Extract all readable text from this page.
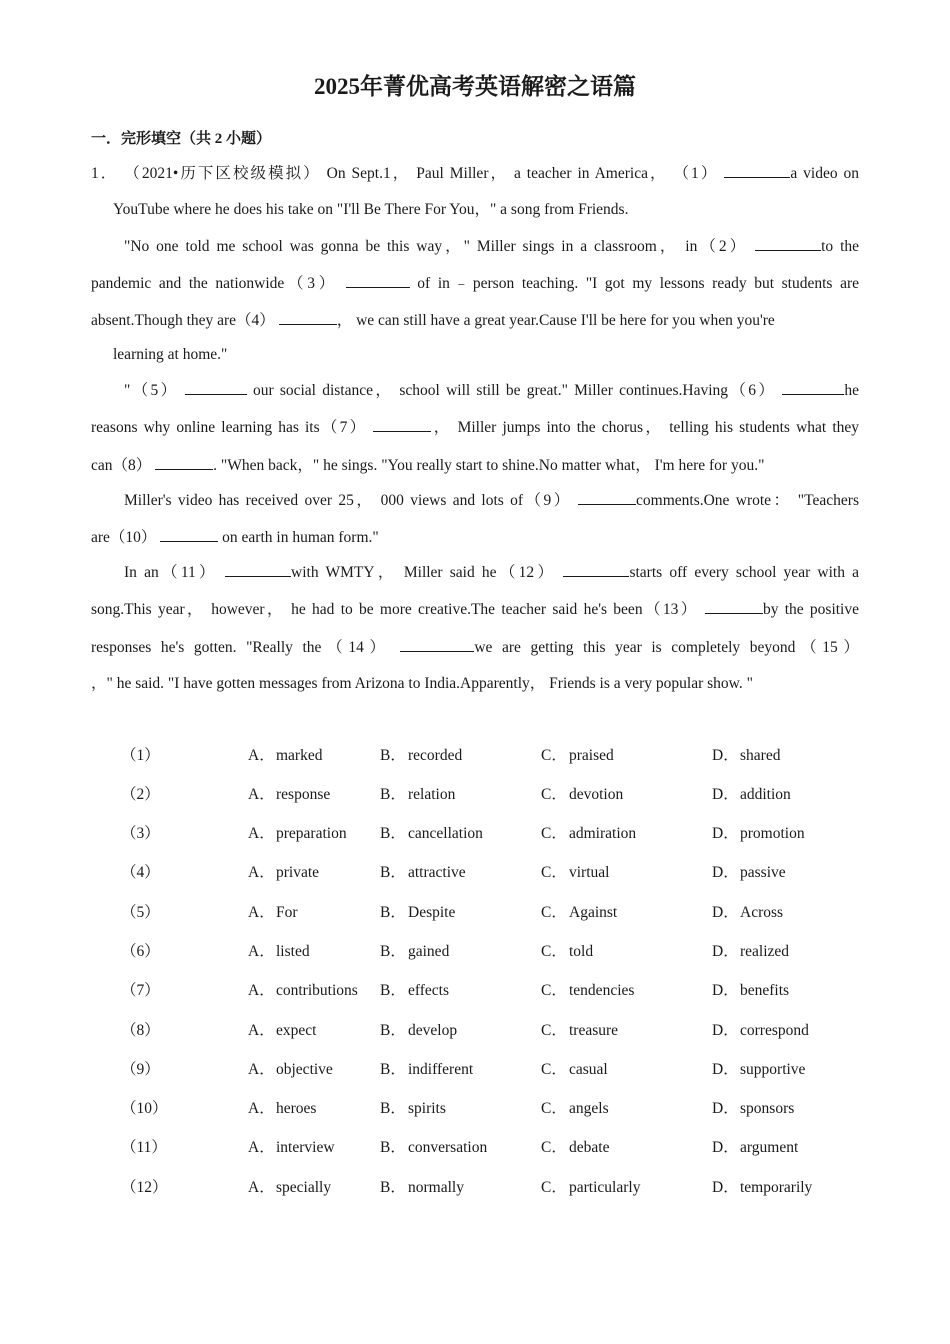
2025年菁优高考英语解密之语篇
一．完形填空（共 2 小题）
1． （2021•历下区校级模拟） On Sept.1， Paul Miller， a teacher in America， （1）	a video on
YouTube where he does his take on "I'll Be There For You，" a song from Friends.
"No one told me school was gonna be this way，" Miller sings in a classroom， in（2）	to the
pandemic and the nationwide（3）	of in﹣person teaching. "I got my lessons ready but students are
absent.Though they are（4）	， we can still have a great year.Cause I'll be here for you when you're
learning at home."
"（5）	our social distance， school will still be great." Miller continues.Having（6）	he
reasons why online learning has its（7）	， Miller jumps into the chorus， telling his students what they
can（8）	. "When back，" he sings. "You really start to shine.No matter what， I'm here for you."
Miller's video has received over 25， 000 views and lots of（9）	comments.One wrote： "Teachers
are（10）	on earth in human form."
In an（11）	with WMTY， Miller said he（12）	starts off every school year with a
song.This year， however， he had to be more creative.The teacher said he's been（13）	by the positive
responses he's gotten. "Really the（14）	we are getting this year is completely beyond（15）
，" he said. "I have gotten messages from Arizona to India.Apparently， Friends is a very popular show. "
（1）	A．marked	B． recorded	C． praised	D．shared
（2）	A．response	B． relation	C． devotion	D．addition
（3）	A．preparation B． cancellation	C． admiration	D．promotion
（4）	A．private	B． attractive	C． virtual	D．passive
（5）	A．For	B． Despite	C． Against	D．Across
（6）	A．listed	B． gained	C． told	D．realized
（7）	A．contributions B． effects	C． tendencies	D．benefits
（8）	A．expect	B． develop	C． treasure	D．correspond
（9）	A．objective	B． indifferent	C． casual	D．supportive
（10）	A．heroes	B． spirits	C． angels	D．sponsors
（11）	A．interview	B． conversation	C． debate	D．argument
（12）	A．specially	B． normally	C． particularly	D．temporarily
